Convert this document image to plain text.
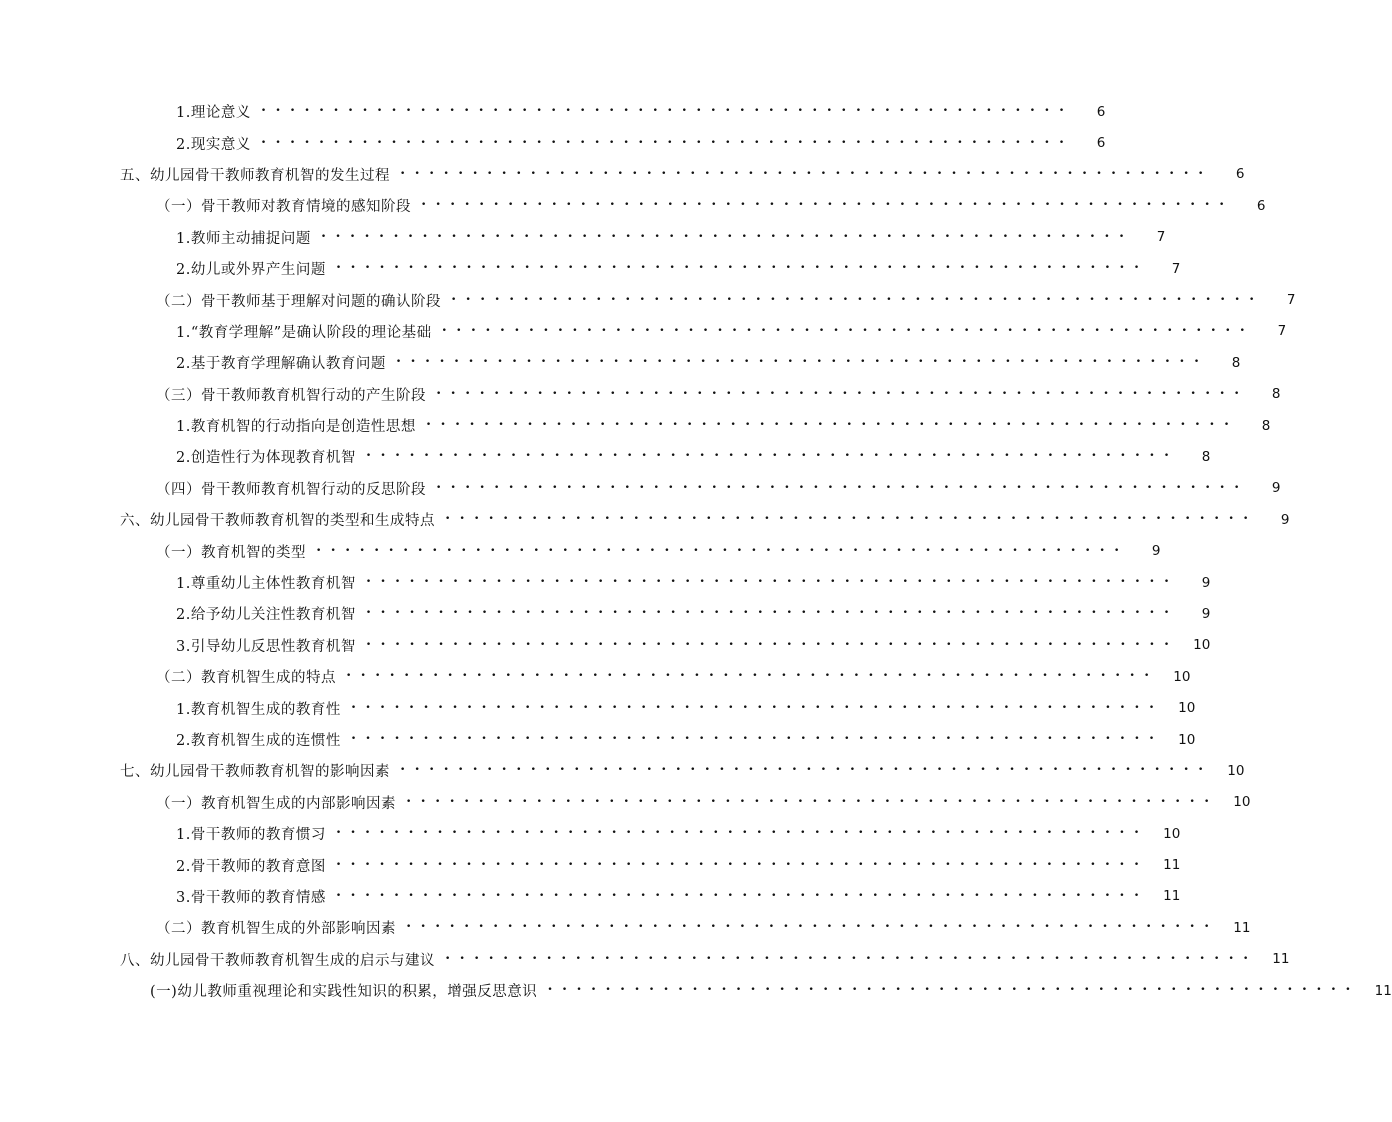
1.理论意义 ••••••••••••••••••••••••••••••••••••••••••••••••••••••••	6
2.现实意义 ••••••••••••••••••••••••••••••••••••••••••••••••••••••••	6
五、幼儿园骨干教师教育机智的发生过程 ••••••••••••••••••••••••••••••••••••••••••••••••••••••••	6
（一）骨干教师对教育情境的感知阶段 ••••••••••••••••••••••••••••••••••••••••••••••••••••••••	6
1.教师主动捕捉问题 ••••••••••••••••••••••••••••••••••••••••••••••••••••••••	7
2.幼儿或外界产生问题 ••••••••••••••••••••••••••••••••••••••••••••••••••••••••	7
（二）骨干教师基于理解对问题的确认阶段 ••••••••••••••••••••••••••••••••••••••••••••••••••••••••	7
1.“教育学理解”是确认阶段的理论基础 ••••••••••••••••••••••••••••••••••••••••••••••••••••••••	7
2.基于教育学理解确认教育问题 ••••••••••••••••••••••••••••••••••••••••••••••••••••••••	8
（三）骨干教师教育机智行动的产生阶段 ••••••••••••••••••••••••••••••••••••••••••••••••••••••••	8
1.教育机智的行动指向是创造性思想 ••••••••••••••••••••••••••••••••••••••••••••••••••••••••	8
2.创造性行为体现教育机智 ••••••••••••••••••••••••••••••••••••••••••••••••••••••••	8
（四）骨干教师教育机智行动的反思阶段 ••••••••••••••••••••••••••••••••••••••••••••••••••••••••	9
六、幼儿园骨干教师教育机智的类型和生成特点 ••••••••••••••••••••••••••••••••••••••••••••••••••••••••	9
（一）教育机智的类型 ••••••••••••••••••••••••••••••••••••••••••••••••••••••••	9
1.尊重幼儿主体性教育机智 ••••••••••••••••••••••••••••••••••••••••••••••••••••••••	9
2.给予幼儿关注性教育机智 ••••••••••••••••••••••••••••••••••••••••••••••••••••••••	9
3.引导幼儿反思性教育机智 ••••••••••••••••••••••••••••••••••••••••••••••••••••••••	10
（二）教育机智生成的特点 ••••••••••••••••••••••••••••••••••••••••••••••••••••••••	10
1.教育机智生成的教育性 ••••••••••••••••••••••••••••••••••••••••••••••••••••••••	10
2.教育机智生成的连惯性 ••••••••••••••••••••••••••••••••••••••••••••••••••••••••	10
七、幼儿园骨干教师教育机智的影响因素 ••••••••••••••••••••••••••••••••••••••••••••••••••••••••	10
（一）教育机智生成的内部影响因素 ••••••••••••••••••••••••••••••••••••••••••••••••••••••••	10
1.骨干教师的教育惯习 ••••••••••••••••••••••••••••••••••••••••••••••••••••••••	10
2.骨干教师的教育意图 ••••••••••••••••••••••••••••••••••••••••••••••••••••••••	11
3.骨干教师的教育情感 ••••••••••••••••••••••••••••••••••••••••••••••••••••••••	11
（二）教育机智生成的外部影响因素 ••••••••••••••••••••••••••••••••••••••••••••••••••••••••	11
八、幼儿园骨干教师教育机智生成的启示与建议 ••••••••••••••••••••••••••••••••••••••••••••••••••••••••	11
(一)幼儿教师重视理论和实践性知识的积累，增强反思意识 ••••••••••••••••••••••••••••••••••••••••••••••••••••••••	11
